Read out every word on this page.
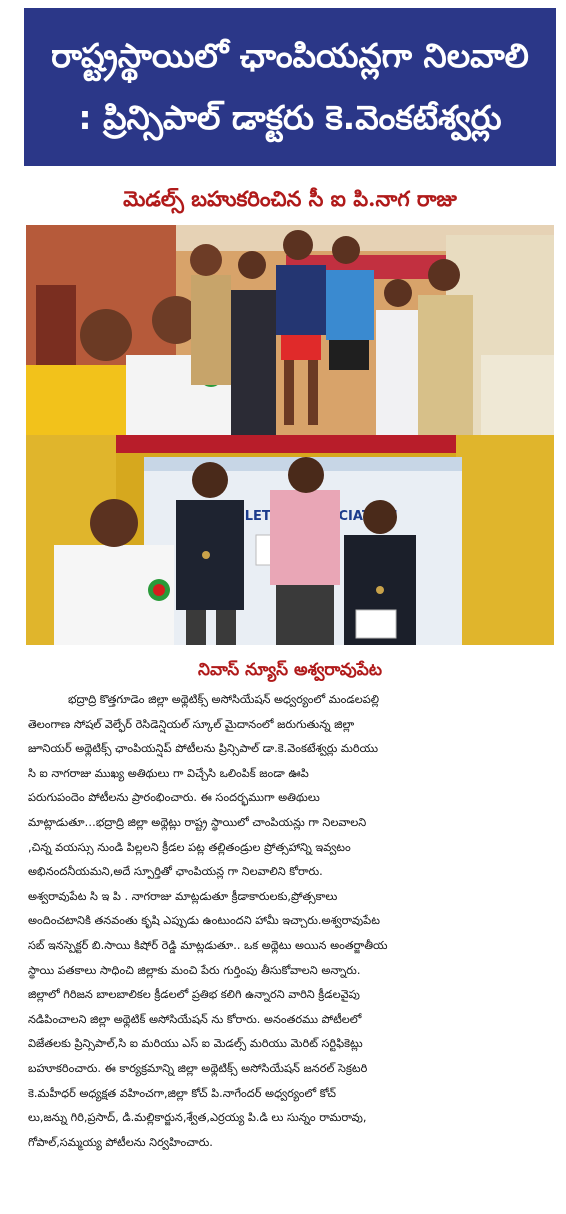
రాష్ట్రస్థాయిలో ఛాంపియన్లగా నిలవాలి
: ప్రిన్సిపాల్ డాక్టరు కె.వెంకటేశ్వర్లు
మెడల్స్ బహుకరించిన సీ ఐ పి.నాగ రాజు
LETICS ASSOCIATION
నివాస్ న్యూస్ అశ్వరావుపేట
భద్రాద్రి కొత్తగూడెం జిల్లా అథ్లెటిక్స్ అసోసియేషన్ అధ్వర్యంలో మండలపల్లి
తెలంగాణ సోషల్ వెల్ఫేర్ రెసిడెన్షియల్ స్కూల్ మైదానంలో జరుగుతున్న జిల్లా
జూనియర్ అథ్లెటిక్స్ ఛాంపియన్షిప్ పోటీలను ప్రిన్సిపాల్ డా.కె.వెంకటేశ్వర్లు మరియు
సి ఐ నాగరాజు ముఖ్య అతిథులు గా విచ్చేసి ఒలింపిక్ జండా ఊపి
పరుగుపందెం పోటీలను ప్రారంభించారు. ఈ సందర్భముగా అతిథులు
మాట్లాడుతూ…భద్రాద్రి జిల్లా అథ్లెట్లు రాష్ట్ర స్థాయిలో చాంపియన్లు గా నిలవాలని
,చిన్న వయస్సు నుండి పిల్లలని క్రీడల పట్ల తల్లితండ్రుల ప్రోత్సహాన్ని ఇవ్వటం
అభినందనీయమని,అదే స్పూర్తితో ఛాంపియన్ల గా నిలవాలిని కోరారు.
అశ్వరావుపేట సి ఇ పి . నాగరాజు మాట్లడుతూ క్రీడాకారులకు,ప్రోత్సకాలు
అందించటానికి తనవంతు కృషి ఎప్పుడు ఉంటుందని హామీ ఇచ్చారు.అశ్వరావుపేట
సబ్ ఇనస్పెక్టర్ బి.సాయి కిషోర్ రెడ్డి మాట్లడుతూ.. ఒక అథ్లెటు అయిన అంతర్జాతీయ
స్థాయి పతకాలు సాధించి జిల్లాకు మంచి పేరు గుర్తింపు తీసుకోవాలని అన్నారు.
జిల్లాలో గిరిజన బాలబాలికల క్రీడలలో ప్రతిభ కలిగి ఉన్నారని వారిని క్రీడలవైపు
నడిపించాలని జిల్లా అథ్లెటిక్ అసోసియేషన్ ను కోరారు. అనంతరము పోటీలలో
విజేతలకు ప్రిన్సిపాల్,సి ఐ మరియు ఎస్ ఐ మెడల్స్ మరియు మెరిట్ సర్టిఫికెట్లు
బహూకరించారు. ఈ కార్యక్రమాన్ని జిల్లా అథ్లెటిక్స్ అసోసియేషన్ జనరల్ సెక్రటరి
కె.మహీధర్ అధ్యక్షత వహించగా,జిల్లా కోచ్ పి.నాగేందర్ అధ్వర్యంలో కోచ్
లు,జన్ను గిరి,ప్రసాద్, డి.మల్లికార్జున,శ్వేత,ఎర్రయ్య పి.డి లు సున్నం రామరావు,
గోపాల్,సమ్మయ్య పోటీలను నిర్వహించారు.
